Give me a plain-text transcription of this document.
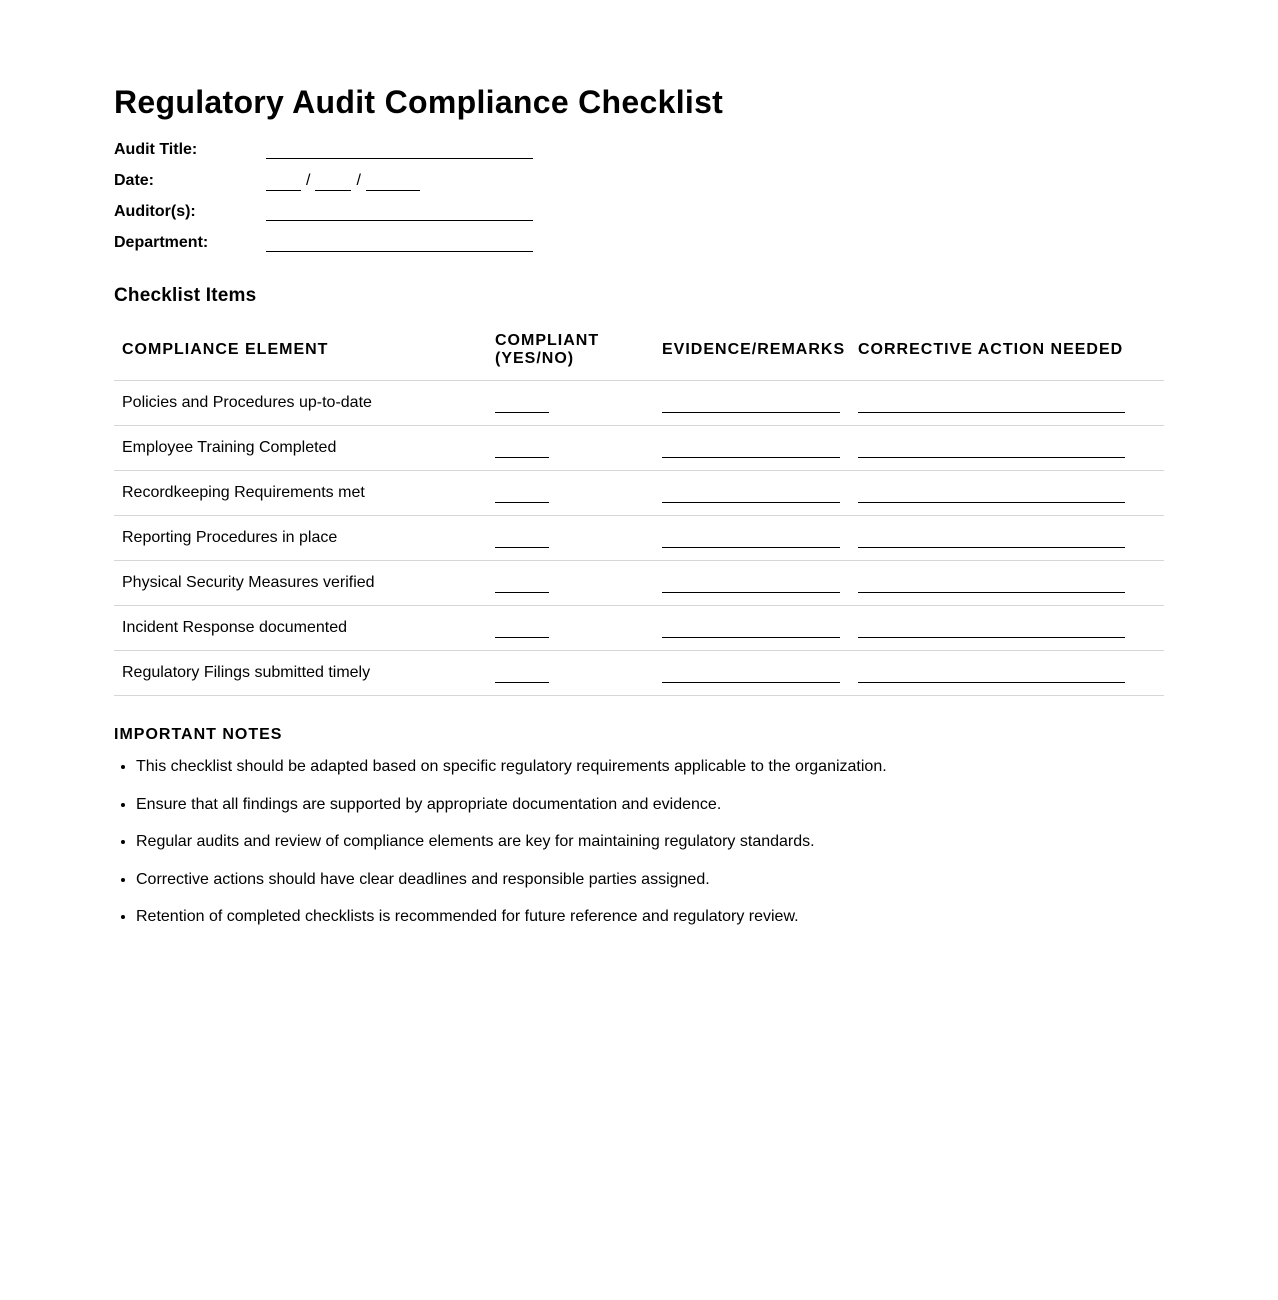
Regulatory Audit Compliance Checklist
Audit Title:
Date:	/	/
Auditor(s):
Department:
Checklist Items
COMPLIANCE ELEMENT	COMPLIANT (YES/NO)	EVIDENCE/REMARKS	CORRECTIVE ACTION NEEDED
Policies and Procedures up-to-date	

Employee Training Completed	

Recordkeeping Requirements met	

Reporting Procedures in place	

Physical Security Measures verified	

Incident Response documented	

Regulatory Filings submitted timely	

IMPORTANT NOTES
• This checklist should be adapted based on specific regulatory requirements applicable to the organization.
• Ensure that all findings are supported by appropriate documentation and evidence.
• Regular audits and review of compliance elements are key for maintaining regulatory standards.
• Corrective actions should have clear deadlines and responsible parties assigned.
• Retention of completed checklists is recommended for future reference and regulatory review.
